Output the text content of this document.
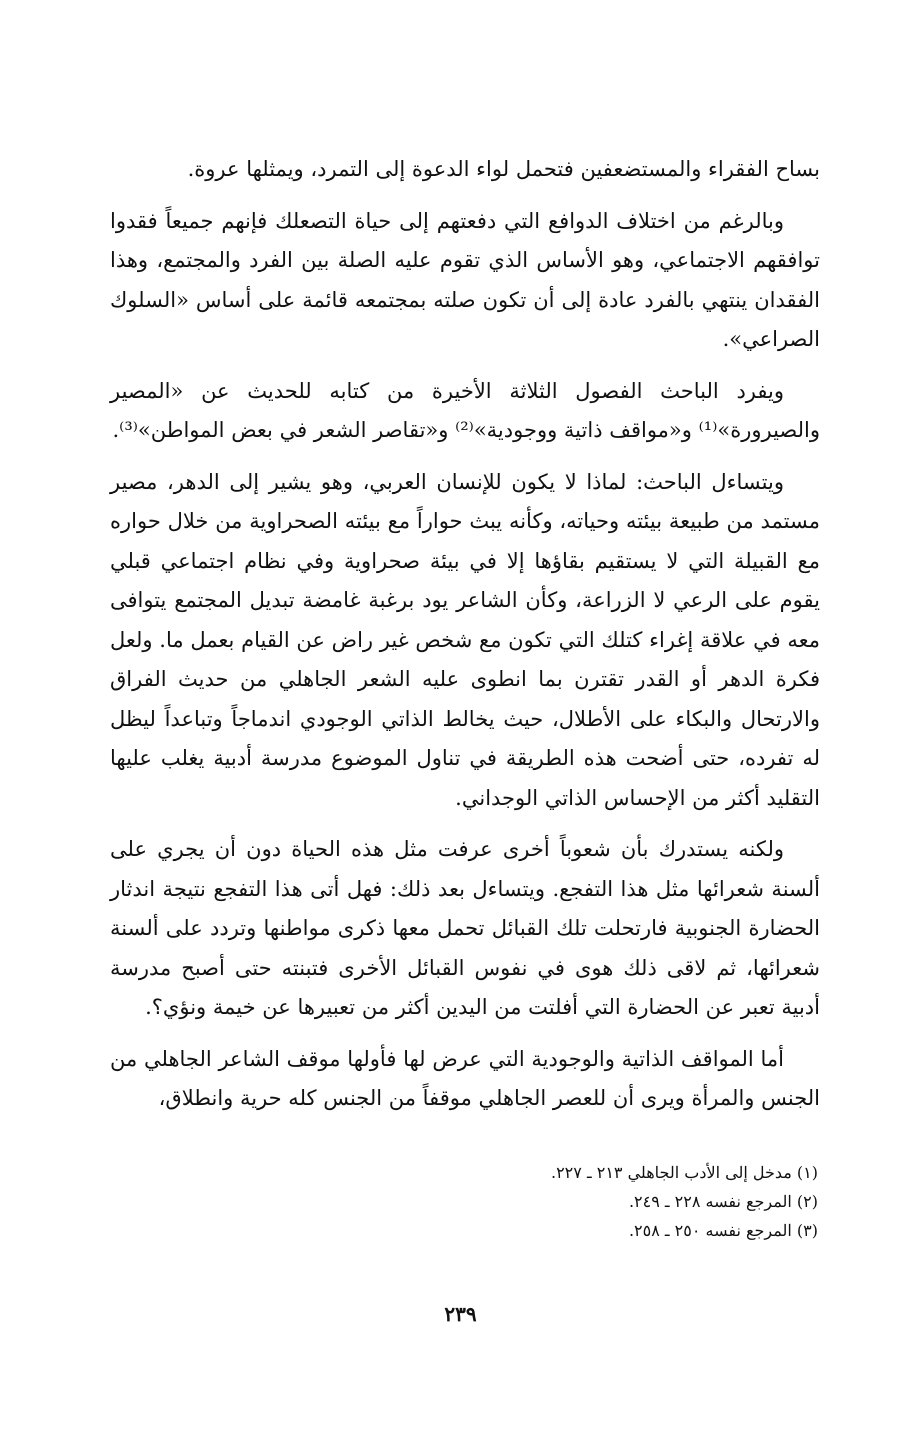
بساح الفقراء والمستضعفين فتحمل لواء الدعوة إلى التمرد، ويمثلها عروة.

وبالرغم من اختلاف الدوافع التي دفعتهم إلى حياة التصعلك فإنهم جميعاً فقدوا توافقهم الاجتماعي، وهو الأساس الذي تقوم عليه الصلة بين الفرد والمجتمع، وهذا الفقدان ينتهي بالفرد عادة إلى أن تكون صلته بمجتمعه قائمة على أساس «السلوك الصراعي».

ويفرد الباحث الفصول الثلاثة الأخيرة من كتابه للحديث عن «المصير والصيرورة»⁽¹⁾ و«مواقف ذاتية ووجودية»⁽²⁾ و«تقاصر الشعر في بعض المواطن»⁽³⁾.

ويتساءل الباحث: لماذا لا يكون للإنسان العربي، وهو يشير إلى الدهر، مصير مستمد من طبيعة بيئته وحياته، وكأنه يبث حواراً مع بيئته الصحراوية من خلال حواره مع القبيلة التي لا يستقيم بقاؤها إلا في بيئة صحراوية وفي نظام اجتماعي قبلي يقوم على الرعي لا الزراعة، وكأن الشاعر يود برغبة غامضة تبديل المجتمع يتوافى معه في علاقة إغراء كتلك التي تكون مع شخص غير راض عن القيام بعمل ما. ولعل فكرة الدهر أو القدر تقترن بما انطوى عليه الشعر الجاهلي من حديث الفراق والارتحال والبكاء على الأطلال، حيث يخالط الذاتي الوجودي اندماجاً وتباعداً ليظل له تفرده، حتى أضحت هذه الطريقة في تناول الموضوع مدرسة أدبية يغلب عليها التقليد أكثر من الإحساس الذاتي الوجداني.

ولكنه يستدرك بأن شعوباً أخرى عرفت مثل هذه الحياة دون أن يجري على ألسنة شعرائها مثل هذا التفجع. ويتساءل بعد ذلك: فهل أتى هذا التفجع نتيجة اندثار الحضارة الجنوبية فارتحلت تلك القبائل تحمل معها ذكرى مواطنها وتردد على ألسنة شعرائها، ثم لاقى ذلك هوى في نفوس القبائل الأخرى فتبنته حتى أصبح مدرسة أدبية تعبر عن الحضارة التي أفلتت من اليدين أكثر من تعبيرها عن خيمة ونؤي؟.

أما المواقف الذاتية والوجودية التي عرض لها فأولها موقف الشاعر الجاهلي من الجنس والمرأة ويرى أن للعصر الجاهلي موقفاً من الجنس كله حرية وانطلاق،

(١) مدخل إلى الأدب الجاهلي ٢١٣ ـ ٢٢٧.

(٢) المرجع نفسه ٢٢٨ ـ ٢٤٩.

(٣) المرجع نفسه ٢٥٠ ـ ٢٥٨.

٢٣٩
